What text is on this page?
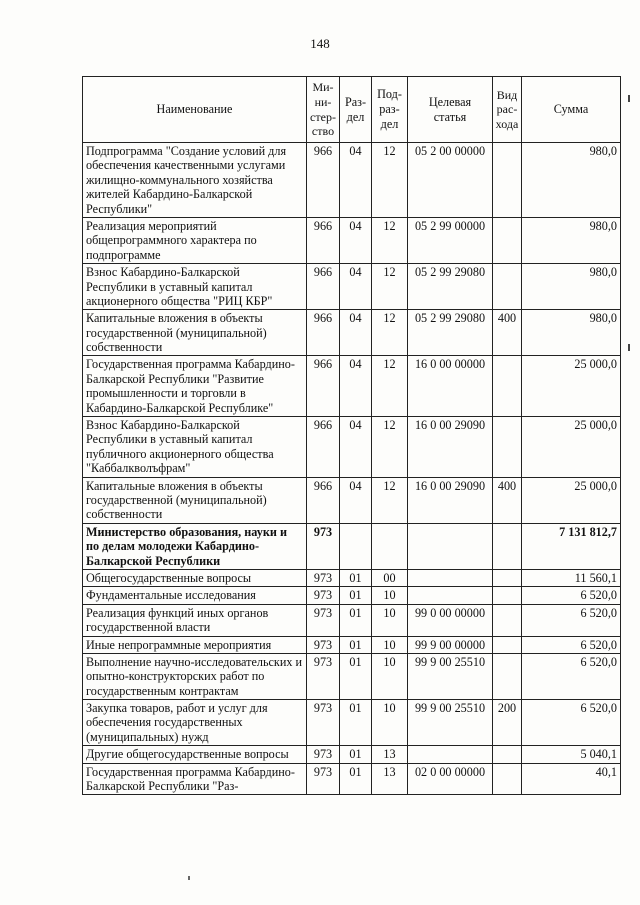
148
Наименование	Ми-
ни-
стер-
ство	Раз-
дел	Под-
раз-
дел	Целевая
статья	Вид
рас-
хода	Сумма
Подпрограмма "Создание условий для обеспечения качественными услугами жилищно-коммунального хозяйства жителей Кабардино-Балкарской Республики"	966	04	12	05 2 00 00000		980,0
Реализация мероприятий общепрограммного характера по подпрограмме	966	04	12	05 2 99 00000		980,0
Взнос Кабардино-Балкарской Республики в уставный капитал акционерного общества "РИЦ КБР"	966	04	12	05 2 99 29080		980,0
Капитальные вложения в объекты государственной (муниципальной) собственности	966	04	12	05 2 99 29080	400	980,0
Государственная программа Кабардино-Балкарской Республики "Развитие промышленности и торговли в Кабардино-Балкарской Республике"	966	04	12	16 0 00 00000		25 000,0
Взнос Кабардино-Балкарской Республики в уставный капитал публичного акционерного общества "Каббалкволъфрам"	966	04	12	16 0 00 29090		25 000,0
Капитальные вложения в объекты государственной (муниципальной) собственности	966	04	12	16 0 00 29090	400	25 000,0
Министерство образования, науки и по делам молодежи Кабардино-Балкарской Республики	973					7 131 812,7
Общегосударственные вопросы	973	01	00			11 560,1
Фундаментальные исследования	973	01	10			6 520,0
Реализация функций иных органов государственной власти	973	01	10	99 0 00 00000		6 520,0
Иные непрограммные мероприятия	973	01	10	99 9 00 00000		6 520,0
Выполнение научно-исследовательских и опытно-конструкторских работ по государственным контрактам	973	01	10	99 9 00 25510		6 520,0
Закупка товаров, работ и услуг для обеспечения государственных (муниципальных) нужд	973	01	10	99 9 00 25510	200	6 520,0
Другие общегосударственные вопросы	973	01	13			5 040,1
Государственная программа Кабардино-Балкарской Республики "Раз-	973	01	13	02 0 00 00000		40,1
